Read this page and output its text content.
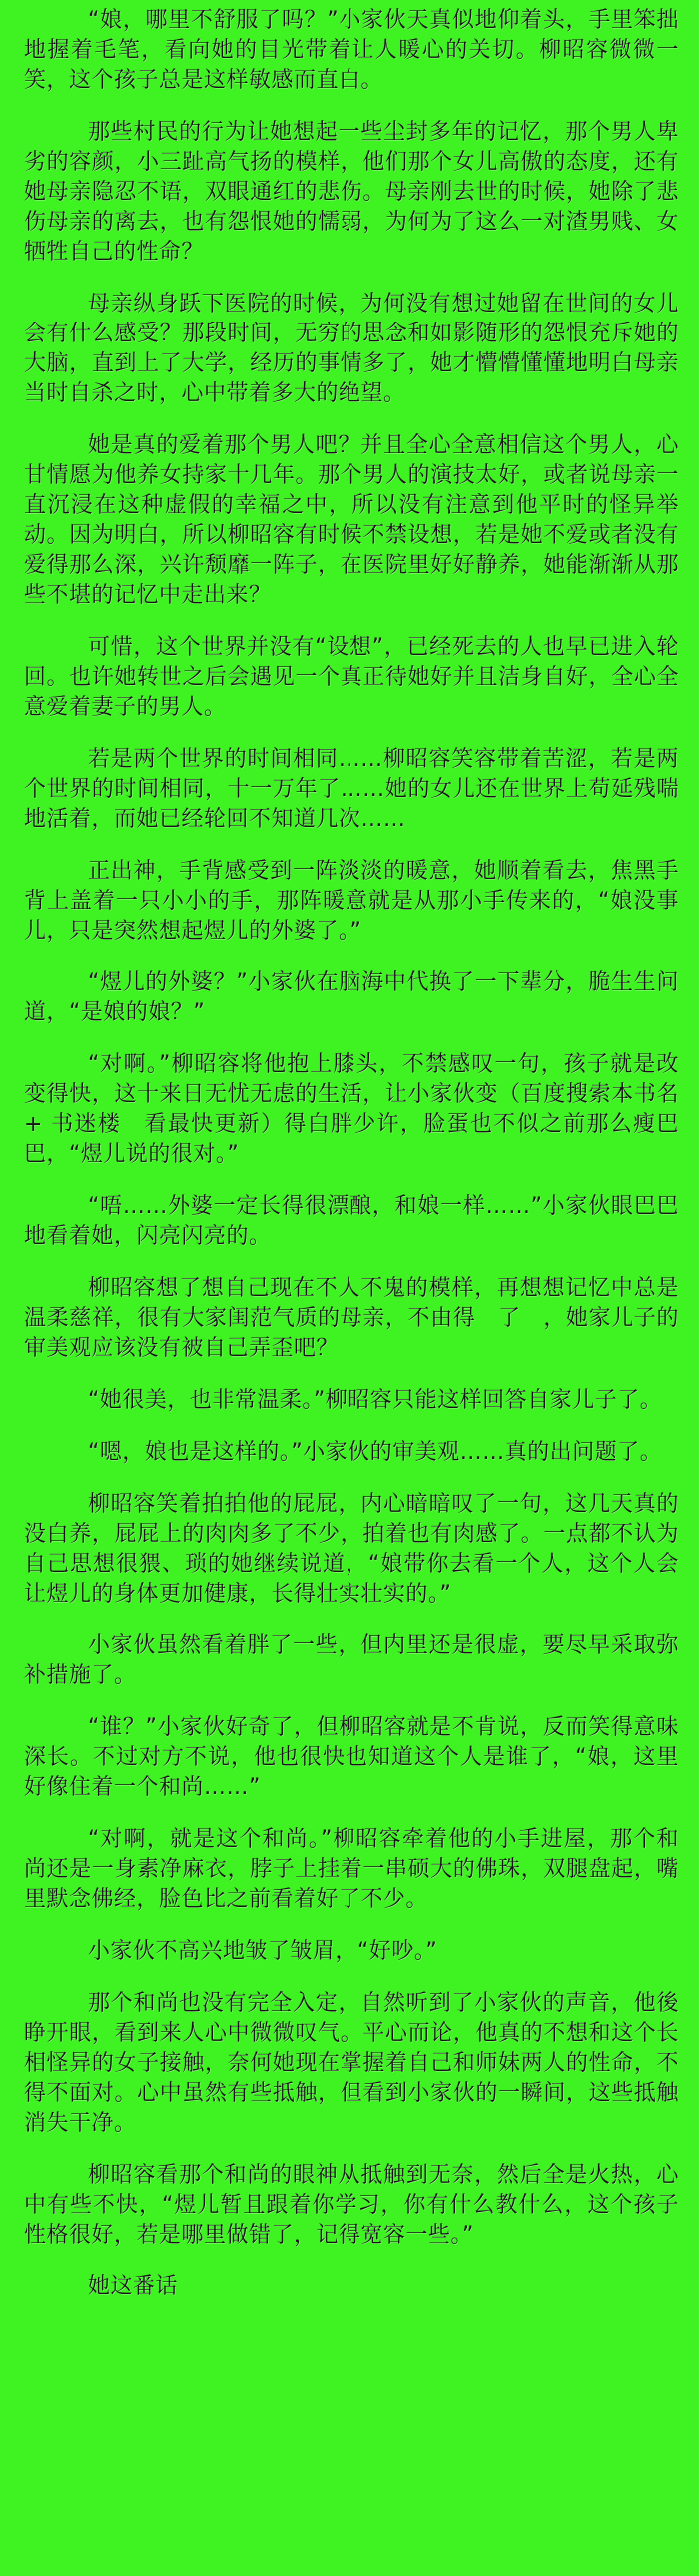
“娘，哪里不舒服了吗？”小家伙天真似地仰着头，手里笨拙地握着毛笔，看向她的目光带着让人暖心的关切。柳昭容微微一笑，这个孩子总是这样敏感而直白。

那些村民的行为让她想起一些尘封多年的记忆，那个男人卑劣的容颜，小三趾高气扬的模样，他们那个女儿高傲的态度，还有她母亲隐忍不语，双眼通红的悲伤。母亲刚去世的时候，她除了悲伤母亲的离去，也有怨恨她的懦弱，为何为了这么一对渣男贱、女牺牲自己的性命？

母亲纵身跃下医院的时候，为何没有想过她留在世间的女儿会有什么感受？那段时间，无穷的思念和如影随形的怨恨充斥她的大脑，直到上了大学，经历的事情多了，她才懵懵懂懂地明白母亲当时自杀之时，心中带着多大的绝望。

她是真的爱着那个男人吧？并且全心全意相信这个男人，心甘情愿为他养女持家十几年。那个男人的演技太好，或者说母亲一直沉浸在这种虚假的幸福之中，所以没有注意到他平时的怪异举动。因为明白，所以柳昭容有时候不禁设想，若是她不爱或者没有爱得那么深，兴许颓靡一阵子，在医院里好好静养，她能渐渐从那些不堪的记忆中走出来？

可惜，这个世界并没有“设想”，已经死去的人也早已进入轮回。也许她转世之后会遇见一个真正待她好并且洁身自好，全心全意爱着妻子的男人。

若是两个世界的时间相同……柳昭容笑容带着苦涩，若是两个世界的时间相同，十一万年了……她的女儿还在世界上苟延残喘地活着，而她已经轮回不知道几次……

正出神，手背感受到一阵淡淡的暖意，她顺着看去，焦黑手背上盖着一只小小的手，那阵暖意就是从那小手传来的，“娘没事儿，只是突然想起煜儿的外婆了。”

“煜儿的外婆？”小家伙在脑海中代换了一下辈分，脆生生问道，“是娘的娘？”

“对啊。”柳昭容将他抱上膝头，不禁感叹一句，孩子就是改变得快，这十来日无忧无虑的生活，让小家伙变（百度搜索本书名 + 书迷楼　看最快更新）得白胖少许，脸蛋也不似之前那么瘦巴巴，“煜儿说的很对。”

“唔……外婆一定长得很漂酿，和娘一样……”小家伙眼巴巴地看着她，闪亮闪亮的。

柳昭容想了想自己现在不人不鬼的模样，再想想记忆中总是温柔慈祥，很有大家闺范气质的母亲，不由得　了　，她家儿子的审美观应该没有被自己弄歪吧？

“她很美，也非常温柔。”柳昭容只能这样回答自家儿子了。

“嗯，娘也是这样的。”小家伙的审美观……真的出问题了。

柳昭容笑着拍拍他的屁屁，内心暗暗叹了一句，这几天真的没白养，屁屁上的肉肉多了不少，拍着也有肉感了。一点都不认为自己思想很猥、琐的她继续说道，“娘带你去看一个人，这个人会让煜儿的身体更加健康，长得壮实壮实的。”

小家伙虽然看着胖了一些，但内里还是很虚，要尽早采取弥补措施了。

“谁？”小家伙好奇了，但柳昭容就是不肯说，反而笑得意味深长。不过对方不说，他也很快也知道这个人是谁了，“娘，这里好像住着一个和尚……”

“对啊，就是这个和尚。”柳昭容牵着他的小手进屋，那个和尚还是一身素净麻衣，脖子上挂着一串硕大的佛珠，双腿盘起，嘴里默念佛经，脸色比之前看着好了不少。

小家伙不高兴地皱了皱眉，“好吵。”

那个和尚也没有完全入定，自然听到了小家伙的声音，他後睁开眼，看到来人心中微微叹气。平心而论，他真的不想和这个长相怪异的女子接触，奈何她现在掌握着自己和师妹两人的性命，不得不面对。心中虽然有些抵触，但看到小家伙的一瞬间，这些抵触消失干净。

柳昭容看那个和尚的眼神从抵触到无奈，然后全是火热，心中有些不快，“煜儿暂且跟着你学习，你有什么教什么，这个孩子性格很好，若是哪里做错了，记得宽容一些。”

她这番话
